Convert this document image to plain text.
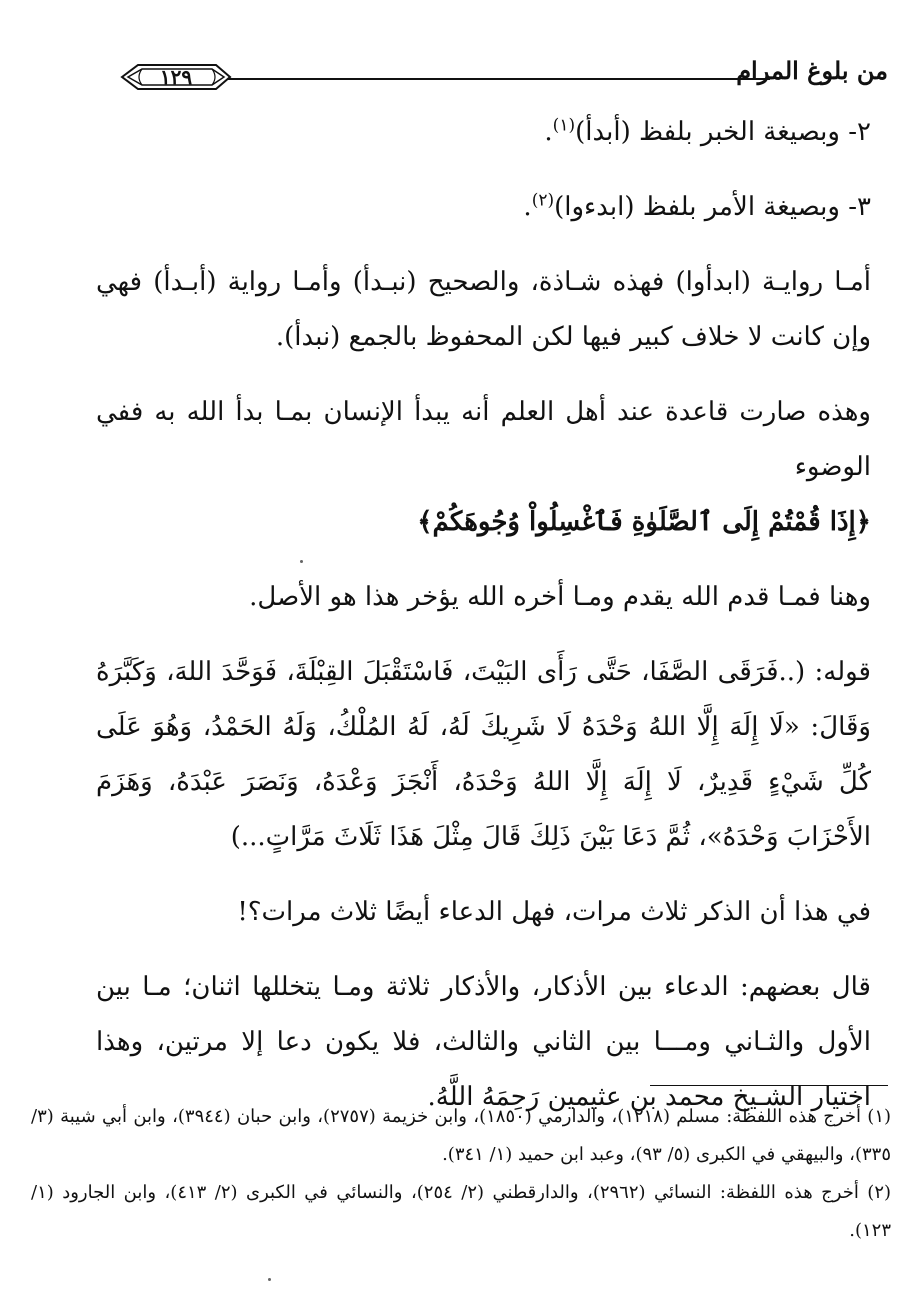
من بلوغ المرام
١٢٩

٢- وبصيغة الخبر بلفظ (أبدأ)$^{(١)}$.

٣- وبصيغة الأمر بلفظ (ابدءوا)$^{(٢)}$.

أمـا روايـة (ابدأوا) فهذه شـاذة، والصحيح (نبـدأ) وأمـا رواية (أبـدأ) فهي وإن كانت لا خلاف كبير فيها لكن المحفوظ بالجمع (نبدأ).

وهذه صارت قاعدة عند أهل العلم أنه يبدأ الإنسان بمـا بدأ الله به ففي الوضوء

﴿إِذَا قُمْتُمْ إِلَى ٱلصَّلَوٰةِ فَٱغْسِلُواْ وُجُوهَكُمْ﴾

وهنا فمـا قدم الله يقدم ومـا أخره الله يؤخر هذا هو الأصل.

قوله: (..فَرَقَى الصَّفَا، حَتَّى رَأَى البَيْتَ، فَاسْتَقْبَلَ القِبْلَةَ، فَوَحَّدَ اللهَ، وَكَبَّرَهُ وَقَالَ: «لَا إِلَهَ إِلَّا اللهُ وَحْدَهُ لَا شَرِيكَ لَهُ، لَهُ المُلْكُ، وَلَهُ الحَمْدُ، وَهُوَ عَلَى كُلِّ شَيْءٍ قَدِيرٌ، لَا إِلَهَ إِلَّا اللهُ وَحْدَهُ، أَنْجَزَ وَعْدَهُ، وَنَصَرَ عَبْدَهُ، وَهَزَمَ الأَحْزَابَ وَحْدَهُ»، ثُمَّ دَعَا بَيْنَ ذَلِكَ قَالَ مِثْلَ هَذَا ثَلَاثَ مَرَّاتٍ...)

في هذا أن الذكر ثلاث مرات، فهل الدعاء أيضًا ثلاث مرات؟!

قال بعضهم: الدعاء بين الأذكار، والأذكار ثلاثة ومـا يتخللها اثنان؛ مـا بين الأول والثـاني ومـــا بين الثاني والثالث، فلا يكون دعا إلا مرتين، وهذا اختيار الشـيخ محمد بن عثيمين رَحِمَهُ اللَّهُ.

(١) أخرج هذه اللفظة: مسلم (١٢١٨)، والدارمي (١٨٥٠)، وابن خزيمة (٢٧٥٧)، وابن حبان (٣٩٤٤)، وابن أبي شيبة (٣/ ٣٣٥)، والبيهقي في الكبرى (٥/ ٩٣)، وعبد ابن حميد (١/ ٣٤١).

(٢) أخرج هذه اللفظة: النسائي (٢٩٦٢)، والدارقطني (٢/ ٢٥٤)، والنسائي في الكبرى (٢/ ٤١٣)، وابن الجارود (١/ ١٢٣).
